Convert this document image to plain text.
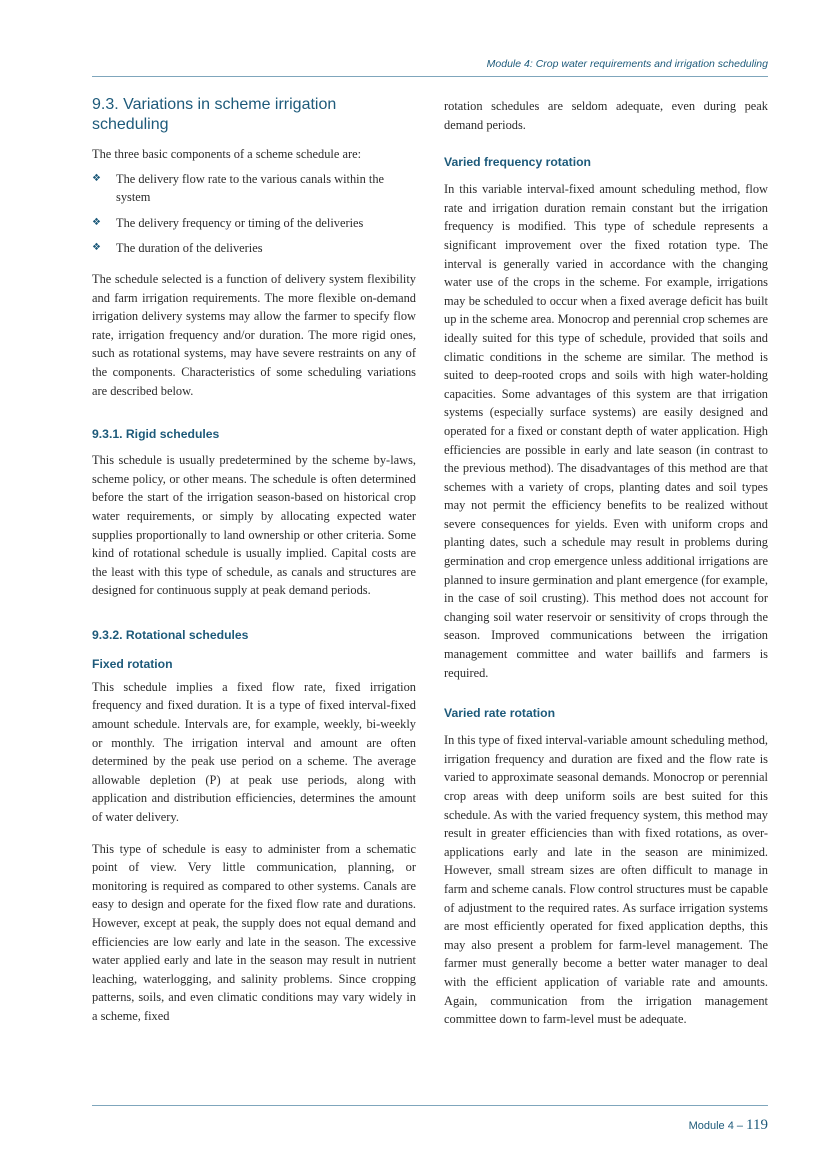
Module 4: Crop water requirements and irrigation scheduling
9.3. Variations in scheme irrigation scheduling

The three basic components of a scheme schedule are:

❖ The delivery flow rate to the various canals within the system
❖ The delivery frequency or timing of the deliveries
❖ The duration of the deliveries

The schedule selected is a function of delivery system flexibility and farm irrigation requirements. The more flexible on-demand irrigation delivery systems may allow the farmer to specify flow rate, irrigation frequency and/or duration. The more rigid ones, such as rotational systems, may have severe restraints on any of the components. Characteristics of some scheduling variations are described below.

9.3.1. Rigid schedules

This schedule is usually predetermined by the scheme by-laws, scheme policy, or other means. The schedule is often determined before the start of the irrigation season-based on historical crop water requirements, or simply by allocating expected water supplies proportionally to land ownership or other criteria. Some kind of rotational schedule is usually implied. Capital costs are the least with this type of schedule, as canals and structures are designed for continuous supply at peak demand periods.

9.3.2. Rotational schedules
Fixed rotation

This schedule implies a fixed flow rate, fixed irrigation frequency and fixed duration. It is a type of fixed interval-fixed amount schedule. Intervals are, for example, weekly, bi-weekly or monthly. The irrigation interval and amount are often determined by the peak use period on a scheme. The average allowable depletion (P) at peak use periods, along with application and distribution efficiencies, determines the amount of water delivery.

This type of schedule is easy to administer from a schematic point of view. Very little communication, planning, or monitoring is required as compared to other systems. Canals are easy to design and operate for the fixed flow rate and durations. However, except at peak, the supply does not equal demand and efficiencies are low early and late in the season. The excessive water applied early and late in the season may result in nutrient leaching, waterlogging, and salinity problems. Since cropping patterns, soils, and even climatic conditions may vary widely in a scheme, fixed

rotation schedules are seldom adequate, even during peak demand periods.

Varied frequency rotation

In this variable interval-fixed amount scheduling method, flow rate and irrigation duration remain constant but the irrigation frequency is modified. This type of schedule represents a significant improvement over the fixed rotation type. The interval is generally varied in accordance with the changing water use of the crops in the scheme. For example, irrigations may be scheduled to occur when a fixed average deficit has built up in the scheme area. Monocrop and perennial crop schemes are ideally suited for this type of schedule, provided that soils and climatic conditions in the scheme are similar. The method is suited to deep-rooted crops and soils with high water-holding capacities. Some advantages of this system are that irrigation systems (especially surface systems) are easily designed and operated for a fixed or constant depth of water application. High efficiencies are possible in early and late season (in contrast to the previous method). The disadvantages of this method are that schemes with a variety of crops, planting dates and soil types may not permit the efficiency benefits to be realized without severe consequences for yields. Even with uniform crops and planting dates, such a schedule may result in problems during germination and crop emergence unless additional irrigations are planned to insure germination and plant emergence (for example, in the case of soil crusting). This method does not account for changing soil water reservoir or sensitivity of crops through the season. Improved communications between the irrigation management committee and water baillifs and farmers is required.

Varied rate rotation

In this type of fixed interval-variable amount scheduling method, irrigation frequency and duration are fixed and the flow rate is varied to approximate seasonal demands. Monocrop or perennial crop areas with deep uniform soils are best suited for this schedule. As with the varied frequency system, this method may result in greater efficiencies than with fixed rotations, as over-applications early and late in the season are minimized. However, small stream sizes are often difficult to manage in farm and scheme canals. Flow control structures must be capable of adjustment to the required rates. As surface irrigation systems are most efficiently operated for fixed application depths, this may also present a problem for farm-level management. The farmer must generally become a better water manager to deal with the efficient application of variable rate and amounts. Again, communication from the irrigation management committee down to farm-level must be adequate.

Module 4 – 119
